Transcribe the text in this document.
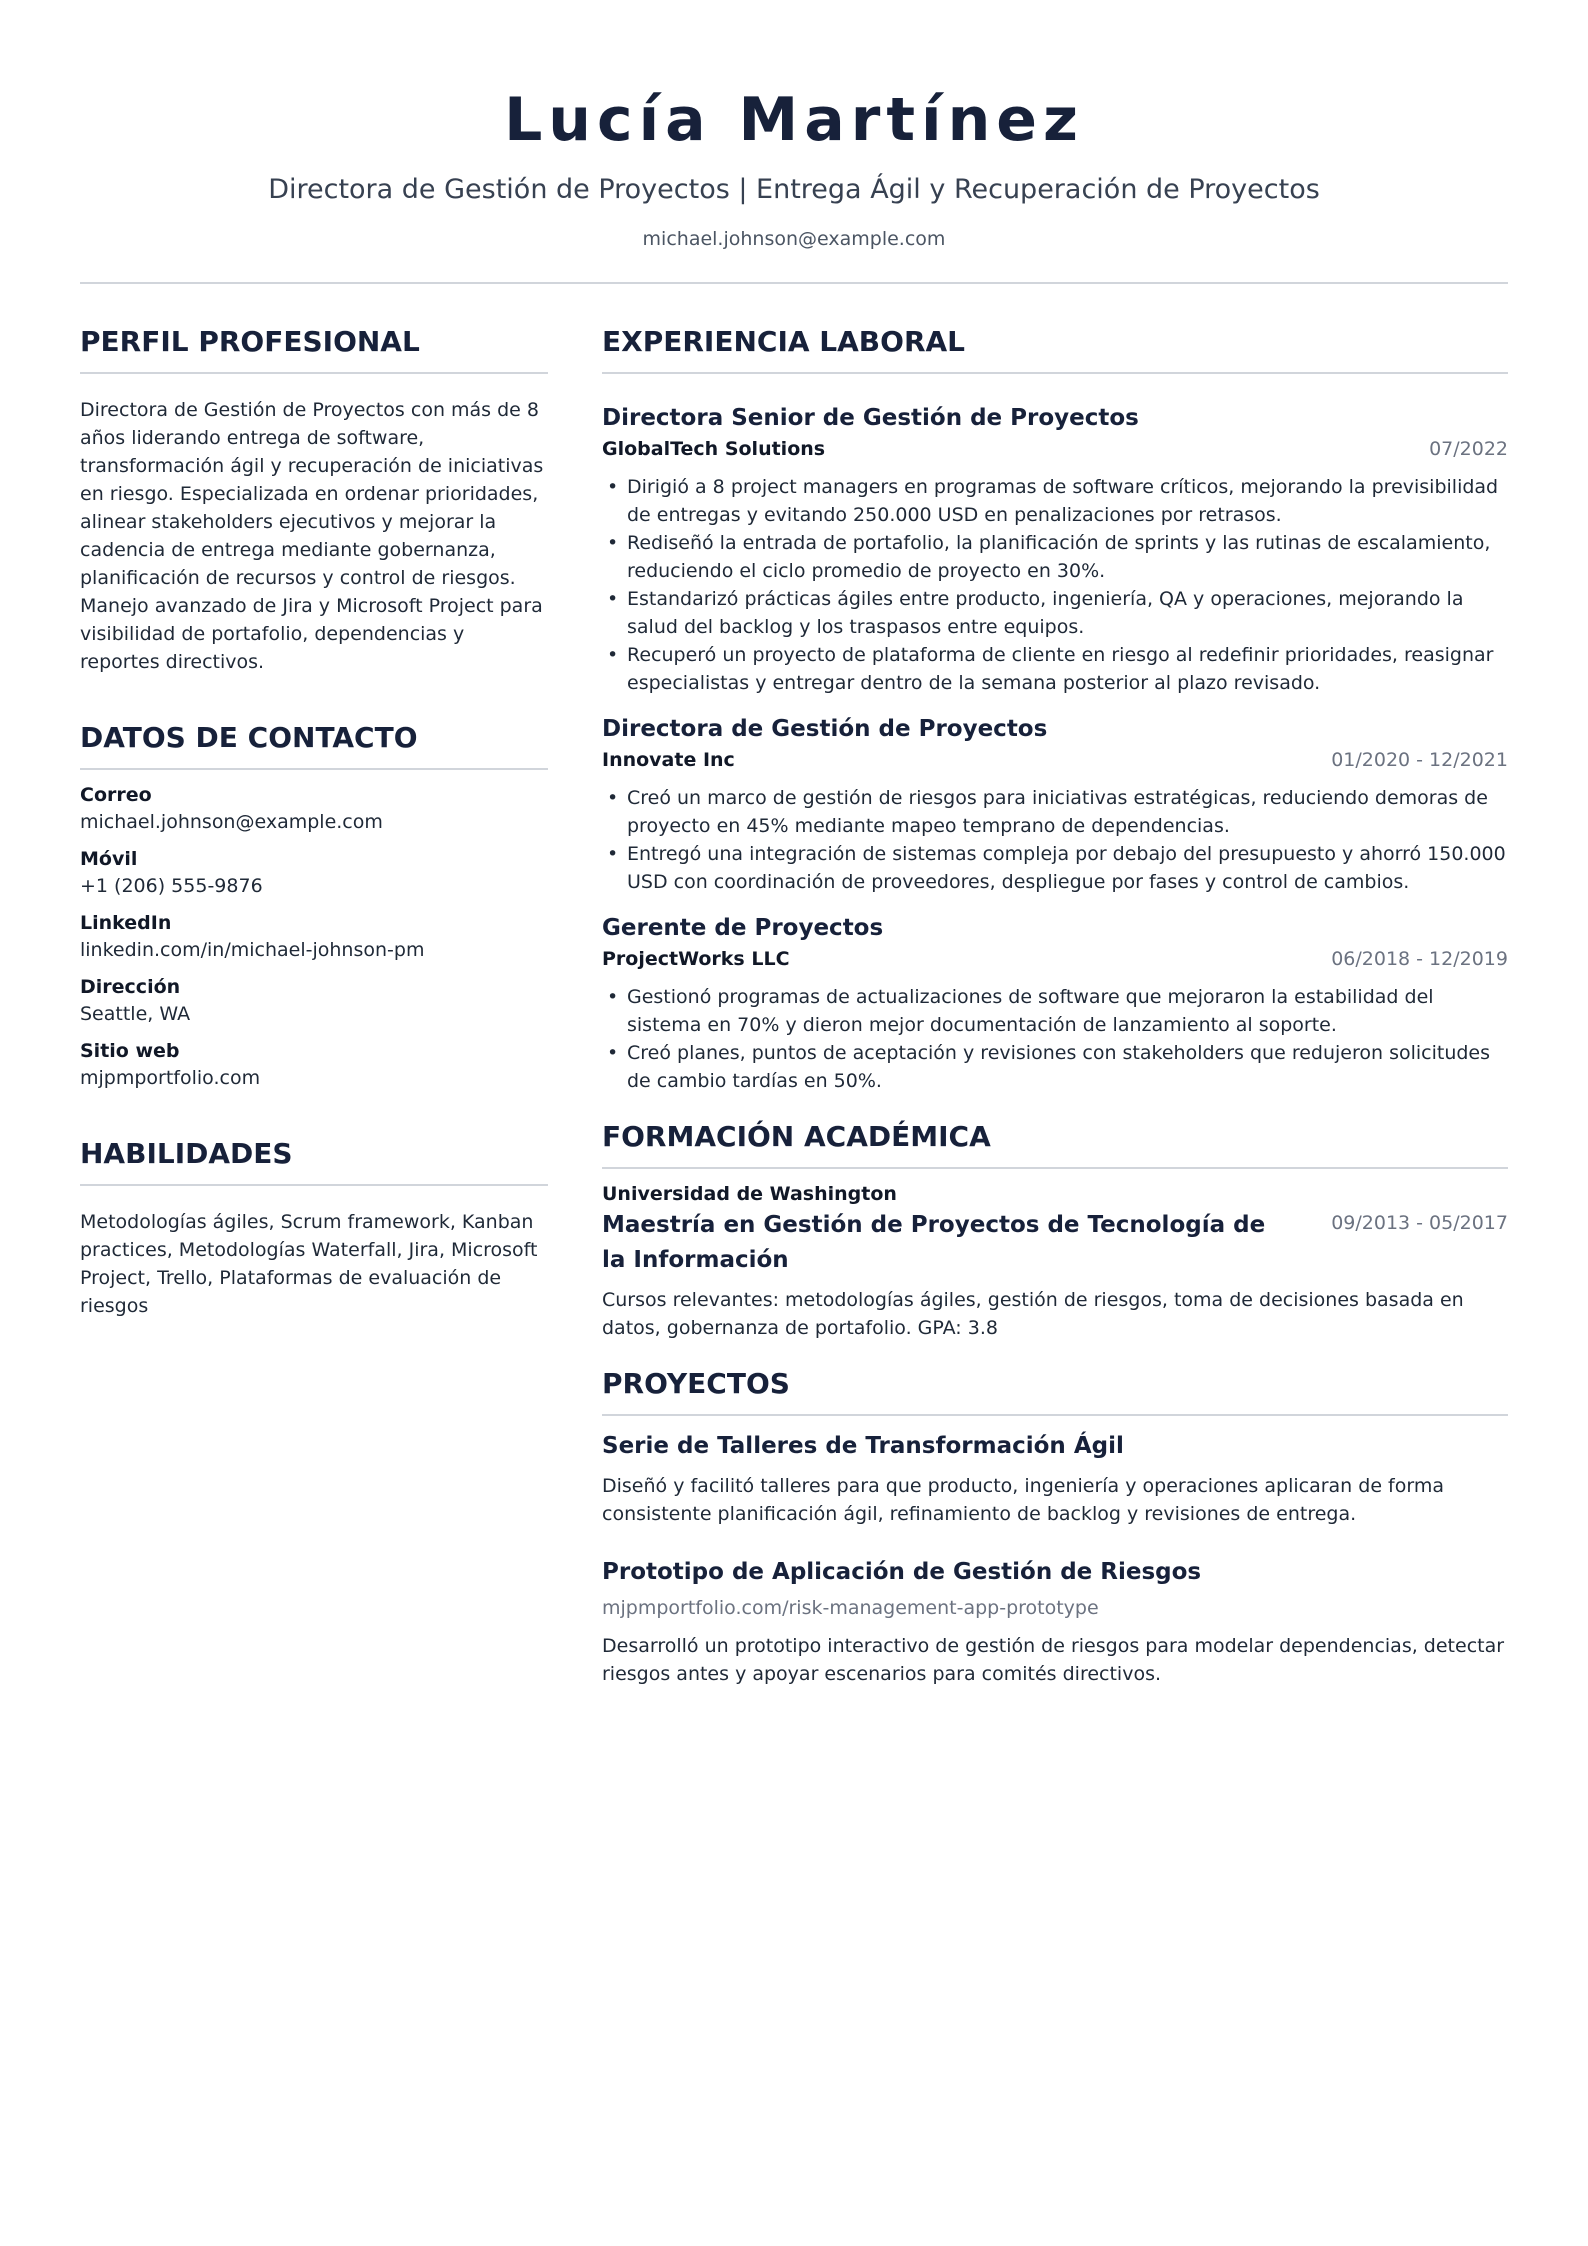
Lucía Martínez
Directora de Gestión de Proyectos | Entrega Ágil y Recuperación de Proyectos
michael.johnson@example.com
PERFIL PROFESIONAL
Directora de Gestión de Proyectos con más de 8 años liderando entrega de software, transformación ágil y recuperación de iniciativas en riesgo. Especializada en ordenar prioridades, alinear stakeholders ejecutivos y mejorar la cadencia de entrega mediante gobernanza, planificación de recursos y control de riesgos. Manejo avanzado de Jira y Microsoft Project para visibilidad de portafolio, dependencias y reportes directivos.
DATOS DE CONTACTO
Correo
michael.johnson@example.com
Móvil
+1 (206) 555-9876
LinkedIn
linkedin.com/in/michael-johnson-pm
Dirección
Seattle, WA
Sitio web
mjpmportfolio.com
HABILIDADES
Metodologías ágiles, Scrum framework, Kanban practices, Metodologías Waterfall, Jira, Microsoft Project, Trello, Plataformas de evaluación de riesgos
EXPERIENCIA LABORAL
Directora Senior de Gestión de Proyectos
GlobalTech Solutions	07/2022
• Dirigió a 8 project managers en programas de software críticos, mejorando la previsibilidad de entregas y evitando 250.000 USD en penalizaciones por retrasos.
• Rediseñó la entrada de portafolio, la planificación de sprints y las rutinas de escalamiento, reduciendo el ciclo promedio de proyecto en 30%.
• Estandarizó prácticas ágiles entre producto, ingeniería, QA y operaciones, mejorando la salud del backlog y los traspasos entre equipos.
• Recuperó un proyecto de plataforma de cliente en riesgo al redefinir prioridades, reasignar especialistas y entregar dentro de la semana posterior al plazo revisado.
Directora de Gestión de Proyectos
Innovate Inc	01/2020 - 12/2021
• Creó un marco de gestión de riesgos para iniciativas estratégicas, reduciendo demoras de proyecto en 45% mediante mapeo temprano de dependencias.
• Entregó una integración de sistemas compleja por debajo del presupuesto y ahorró 150.000 USD con coordinación de proveedores, despliegue por fases y control de cambios.
Gerente de Proyectos
ProjectWorks LLC	06/2018 - 12/2019
• Gestionó programas de actualizaciones de software que mejoraron la estabilidad del sistema en 70% y dieron mejor documentación de lanzamiento al soporte.
• Creó planes, puntos de aceptación y revisiones con stakeholders que redujeron solicitudes de cambio tardías en 50%.
FORMACIÓN ACADÉMICA
Universidad de Washington
Maestría en Gestión de Proyectos de Tecnología de la Información
09/2013 - 05/2017
Cursos relevantes: metodologías ágiles, gestión de riesgos, toma de decisiones basada en datos, gobernanza de portafolio. GPA: 3.8
PROYECTOS
Serie de Talleres de Transformación Ágil
Diseñó y facilitó talleres para que producto, ingeniería y operaciones aplicaran de forma consistente planificación ágil, refinamiento de backlog y revisiones de entrega.
Prototipo de Aplicación de Gestión de Riesgos
mjpmportfolio.com/risk-management-app-prototype
Desarrolló un prototipo interactivo de gestión de riesgos para modelar dependencias, detectar riesgos antes y apoyar escenarios para comités directivos.
